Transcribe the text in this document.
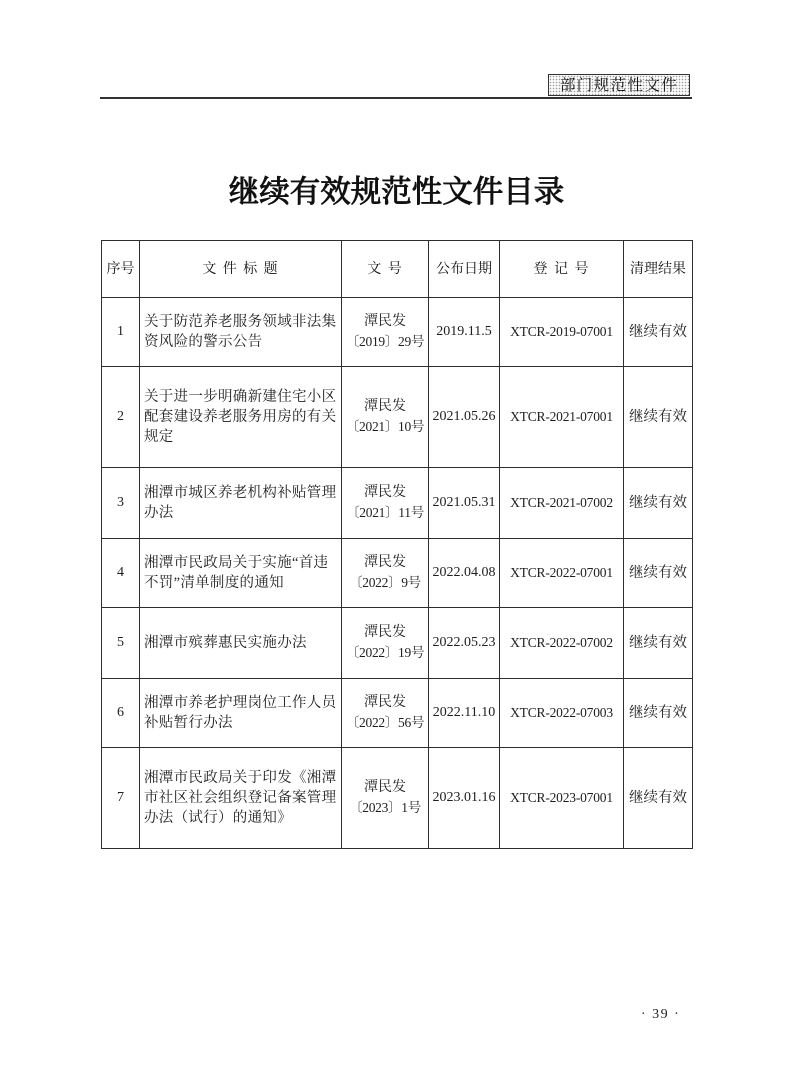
部门规范性文件
继续有效规范性文件目录
序号	文 件 标 题	文 号	公布日期	登 记 号	清理结果
1	关于防范养老服务领域非法集资风险的警示公告	潭民发
〔2019〕29号	2019.11.5	XTCR-2019-07001	继续有效
2	关于进一步明确新建住宅小区配套建设养老服务用房的有关规定	潭民发
〔2021〕10号	2021.05.26	XTCR-2021-07001	继续有效
3	湘潭市城区养老机构补贴管理办法	潭民发
〔2021〕11号	2021.05.31	XTCR-2021-07002	继续有效
4	湘潭市民政局关于实施“首违不罚”清单制度的通知	潭民发
〔2022〕9号	2022.04.08	XTCR-2022-07001	继续有效
5	湘潭市殡葬惠民实施办法	潭民发
〔2022〕19号	2022.05.23	XTCR-2022-07002	继续有效
6	湘潭市养老护理岗位工作人员补贴暂行办法	潭民发
〔2022〕56号	2022.11.10	XTCR-2022-07003	继续有效
7	湘潭市民政局关于印发《湘潭市社区社会组织登记备案管理办法（试行）的通知》	潭民发
〔2023〕1号	2023.01.16	XTCR-2023-07001	继续有效
· 39 ·
